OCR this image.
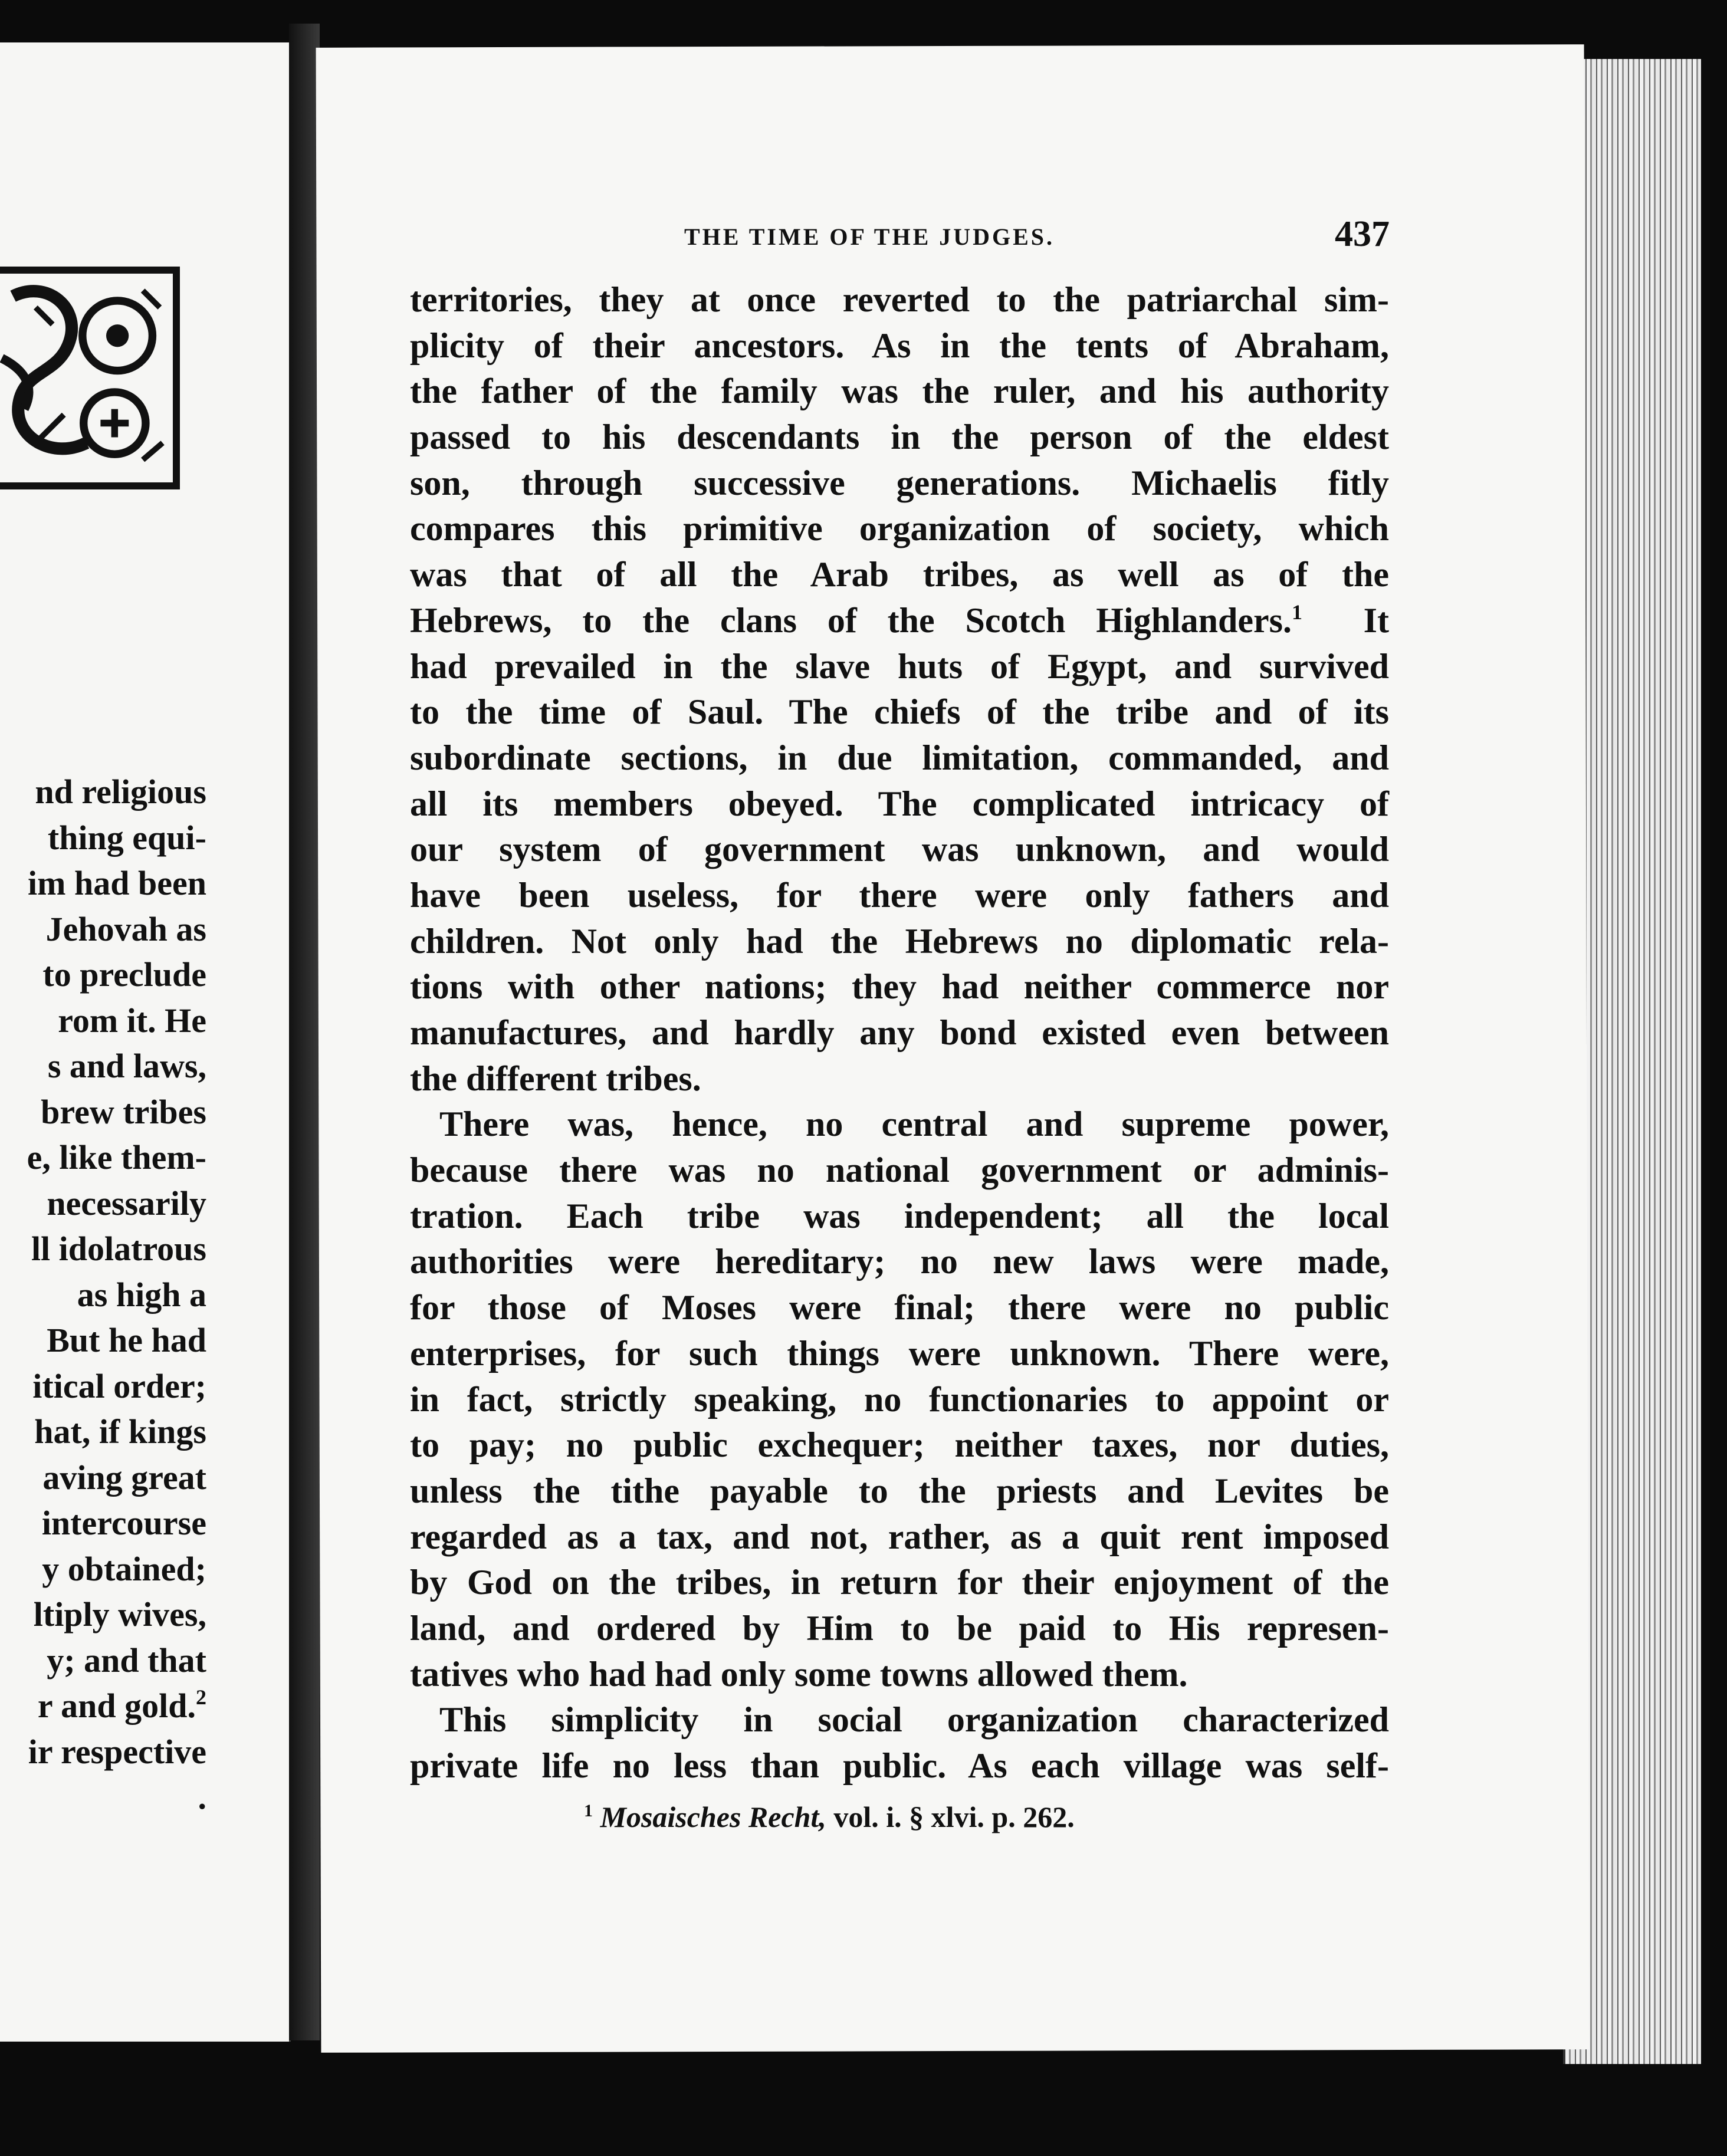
nd religious
thing equi-
im had been
Jehovah as
to preclude
rom it. He
s and laws,
brew tribes
e, like them-
necessarily
ll idolatrous
as high a
But he had
itical order;
hat, if kings
aving great
intercourse
y obtained;
ltiply wives,
y; and that
r and gold.$^2$
ir respective
.
THE TIME OF THE JUDGES.	437
territories, they at once reverted to the patriarchal sim-
plicity of their ancestors. As in the tents of Abraham,
the father of the family was the ruler, and his authority
passed to his descendants in the person of the eldest
son, through successive generations. Michaelis fitly
compares this primitive organization of society, which
was that of all the Arab tribes, as well as of the
Hebrews, to the clans of the Scotch Highlanders.$^1$ It
had prevailed in the slave huts of Egypt, and survived
to the time of Saul. The chiefs of the tribe and of its
subordinate sections, in due limitation, commanded, and
all its members obeyed. The complicated intricacy of
our system of government was unknown, and would
have been useless, for there were only fathers and
children. Not only had the Hebrews no diplomatic rela-
tions with other nations; they had neither commerce nor
manufactures, and hardly any bond existed even between
the different tribes.
There was, hence, no central and supreme power,
because there was no national government or adminis-
tration. Each tribe was independent; all the local
authorities were hereditary; no new laws were made,
for those of Moses were final; there were no public
enterprises, for such things were unknown. There were,
in fact, strictly speaking, no functionaries to appoint or
to pay; no public exchequer; neither taxes, nor duties,
unless the tithe payable to the priests and Levites be
regarded as a tax, and not, rather, as a quit rent imposed
by God on the tribes, in return for their enjoyment of the
land, and ordered by Him to be paid to His represen-
tatives who had had only some towns allowed them.
This simplicity in social organization characterized
private life no less than public. As each village was self-
$^1$ Mosaisches Recht, vol. i. § xlvi. p. 262.
